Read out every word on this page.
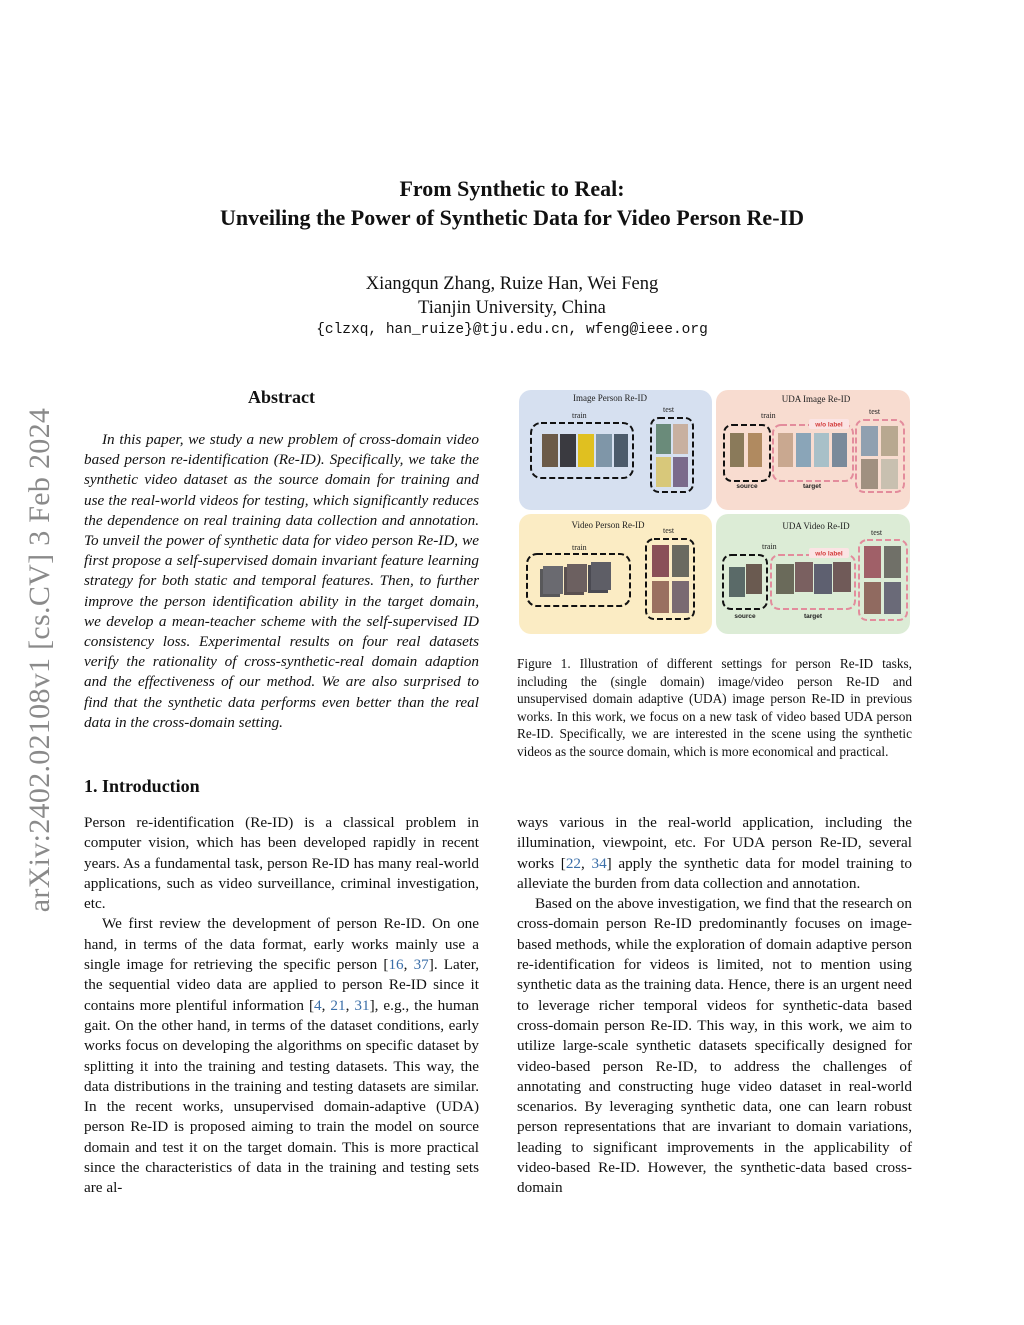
arXiv:2402.02108v1 [cs.CV] 3 Feb 2024
From Synthetic to Real:
Unveiling the Power of Synthetic Data for Video Person Re-ID
Xiangqun Zhang, Ruize Han, Wei Feng
Tianjin University, China
{clzxq, han_ruize}@tju.edu.cn, wfeng@ieee.org
Abstract
In this paper, we study a new problem of cross-domain video based person re-identification (Re-ID). Specifically, we take the synthetic video dataset as the source domain for training and use the real-world videos for testing, which significantly reduces the dependence on real training data collection and annotation. To unveil the power of synthetic data for video person Re-ID, we first propose a self-supervised domain invariant feature learning strategy for both static and temporal features. Then, to further improve the person identification ability in the target domain, we develop a mean-teacher scheme with the self-supervised ID consistency loss. Experimental results on four real datasets verify the rationality of cross-synthetic-real domain adaption and the effectiveness of our method. We are also surprised to find that the synthetic data performs even better than the real data in the cross-domain setting.
1. Introduction

Person re-identification (Re-ID) is a classical problem in computer vision, which has been developed rapidly in recent years. As a fundamental task, person Re-ID has many real-world applications, such as video surveillance, criminal investigation, etc.

We first review the development of person Re-ID. On one hand, in terms of the data format, early works mainly use a single image for retrieving the specific person [16, 37]. Later, the sequential video data are applied to person Re-ID since it contains more plentiful information [4, 21, 31], e.g., the human gait. On the other hand, in terms of the dataset conditions, early works focus on developing the algorithms on specific dataset by splitting it into the training and testing datasets. This way, the data distributions in the training and testing datasets are similar. In the recent works, unsupervised domain-adaptive (UDA) person Re-ID is proposed aiming to train the model on source domain and test it on the target domain. This is more practical since the characteristics of data in the training and testing sets are al-

Image Person Re-ID	UDA Image Re-ID
Video Person Re-ID	UDA Video Re-ID
train
test
train	test
w/o label
source	target
train
test
train
test
w/o label
source	target
Figure 1. Illustration of different settings for person Re-ID tasks, including the (single domain) image/video person Re-ID and unsupervised domain adaptive (UDA) image person Re-ID in previous works. In this work, we focus on a new task of video based UDA person Re-ID. Specifically, we are interested in the scene using the synthetic videos as the source domain, which is more economical and practical.

ways various in the real-world application, including the illumination, viewpoint, etc. For UDA person Re-ID, several works [22, 34] apply the synthetic data for model training to alleviate the burden from data collection and annotation.

Based on the above investigation, we find that the research on cross-domain person Re-ID predominantly focuses on image-based methods, while the exploration of domain adaptive person re-identification for videos is limited, not to mention using synthetic data as the training data. Hence, there is an urgent need to leverage richer temporal videos for synthetic-data based cross-domain person Re-ID. This way, in this work, we aim to utilize large-scale synthetic datasets specifically designed for video-based person Re-ID, to address the challenges of annotating and constructing huge video dataset in real-world scenarios. By leveraging synthetic data, one can learn robust person representations that are invariant to domain variations, leading to significant improvements in the applicability of video-based Re-ID. However, the synthetic-data based cross-domain
